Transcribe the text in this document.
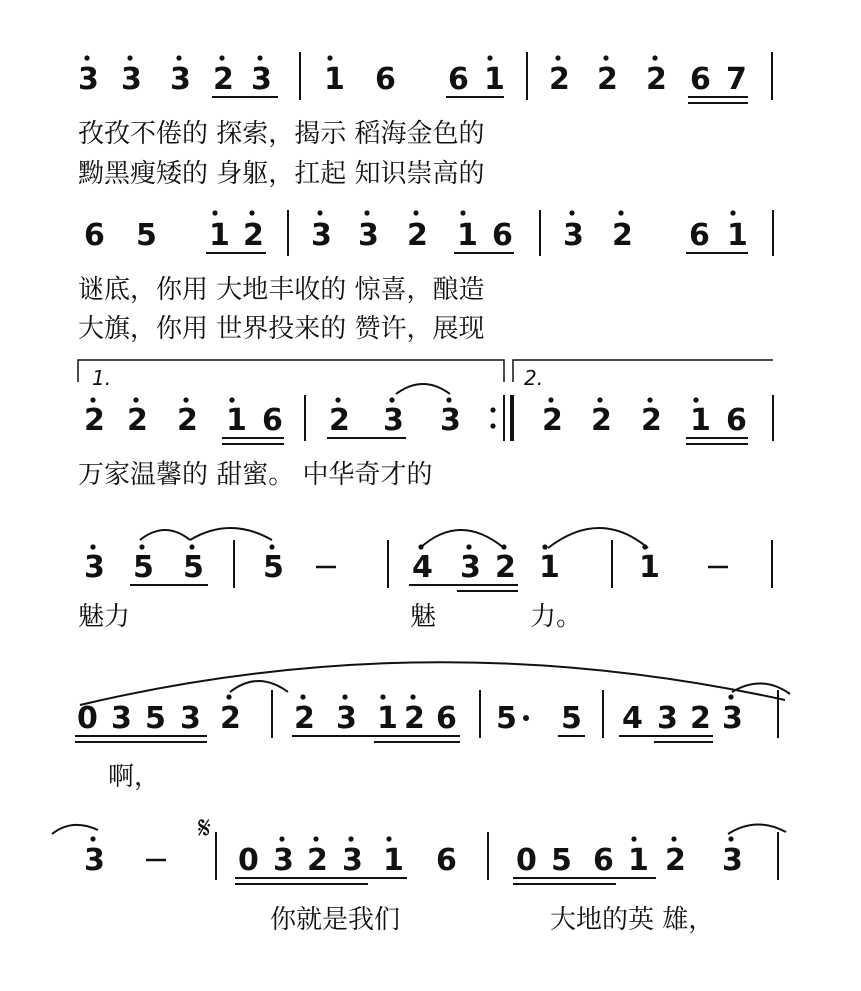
3 3 3 2 3 1 6 6 1 2 2 2 6 7
孜孜不倦的 探索，揭示 稻海金色的
黝黑瘦矮的 身躯，扛起 知识崇高的
6 5 1 2 3 3 2 1 6 3 2 6 1
谜底，你用 大地丰收的 惊喜，酿造
大旗，你用 世界投来的 赞许，展现
1.	2.
2 2 2 1 6 2 3 3	2 2 2 1 6
万家温馨的 甜蜜。 中华奇才的
3 5 5 5	4 3 2 1	1
魅力	魅	力。
0 3 5 3 2 2 3 1 2 6 5 5 4 3 2 3
啊，
𝄋
3	0 3 2 3 1 6 0 5 6 1 2 3
你就是我们	大地的英 雄，
